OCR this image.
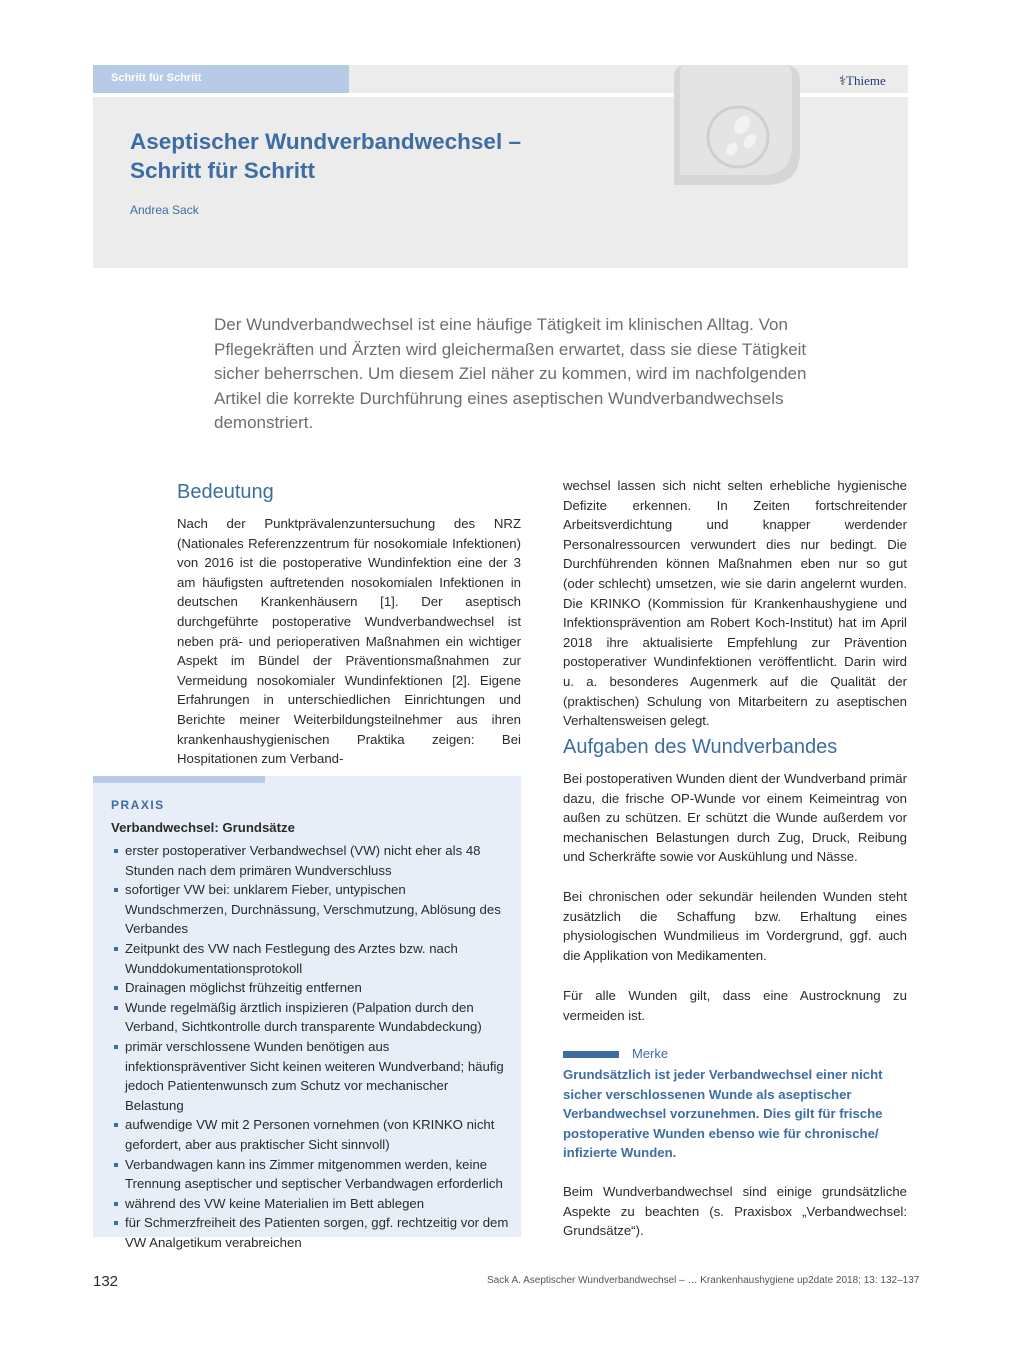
Schritt für Schritt	⚕Thieme
Aseptischer Wundverbandwechsel –
Schritt für Schritt
Andrea Sack

Der Wundverbandwechsel ist eine häufige Tätigkeit im klinischen Alltag. Von Pflegekräften und Ärzten wird gleichermaßen erwartet, dass sie diese Tätigkeit sicher beherrschen. Um diesem Ziel näher zu kommen, wird im nachfolgenden Artikel die korrekte Durchführung eines aseptischen Wundverbandwechsels demonstriert.

Bedeutung

Nach der Punktprävalenzuntersuchung des NRZ (Nationales Referenzzentrum für nosokomiale Infektionen) von 2016 ist die postoperative Wundinfektion eine der 3 am häufigsten auftretenden nosokomialen Infektionen in deutschen Krankenhäusern [1]. Der aseptisch durchgeführte postoperative Wundverbandwechsel ist neben prä- und perioperativen Maßnahmen ein wichtiger Aspekt im Bündel der Präventionsmaßnahmen zur Vermeidung nosokomialer Wundinfektionen [2]. Eigene Erfahrungen in unterschiedlichen Einrichtungen und Berichte meiner Weiterbildungsteilnehmer aus ihren krankenhaushygienischen Praktika zeigen: Bei Hospitationen zum Verband-

PRAXIS
Verbandwechsel: Grundsätze
erster postoperativer Verbandwechsel (VW) nicht eher als 48 Stunden nach dem primären Wundverschluss
sofortiger VW bei: unklarem Fieber, untypischen Wundschmerzen, Durchnässung, Verschmutzung, Ablösung des Verbandes
Zeitpunkt des VW nach Festlegung des Arztes bzw. nach Wunddokumentationsprotokoll
Drainagen möglichst frühzeitig entfernen
Wunde regelmäßig ärztlich inspizieren (Palpation durch den Verband, Sichtkontrolle durch transparente Wundabdeckung)
primär verschlossene Wunden benötigen aus infektionspräventiver Sicht keinen weiteren Wundverband; häufig jedoch Patientenwunsch zum Schutz vor mechanischer Belastung
aufwendige VW mit 2 Personen vornehmen (von KRINKO nicht gefordert, aber aus praktischer Sicht sinnvoll)
Verbandwagen kann ins Zimmer mitgenommen werden, keine Trennung aseptischer und septischer Verbandwagen erforderlich
während des VW keine Materialien im Bett ablegen
für Schmerzfreiheit des Patienten sorgen, ggf. rechtzeitig vor dem VW Analgetikum verabreichen

wechsel lassen sich nicht selten erhebliche hygienische Defizite erkennen. In Zeiten fortschreitender Arbeitsverdichtung und knapper werdender Personalressourcen verwundert dies nur bedingt. Die Durchführenden können Maßnahmen eben nur so gut (oder schlecht) umsetzen, wie sie darin angelernt wurden. Die KRINKO (Kommission für Krankenhaushygiene und Infektionsprävention am Robert Koch-Institut) hat im April 2018 ihre aktualisierte Empfehlung zur Prävention postoperativer Wundinfektionen veröffentlicht. Darin wird u. a. besonderes Augenmerk auf die Qualität der (praktischen) Schulung von Mitarbeitern zu aseptischen Verhaltensweisen gelegt.

Aufgaben des Wundverbandes

Bei postoperativen Wunden dient der Wundverband primär dazu, die frische OP-Wunde vor einem Keimeintrag von außen zu schützen. Er schützt die Wunde außerdem vor mechanischen Belastungen durch Zug, Druck, Reibung und Scherkräfte sowie vor Auskühlung und Nässe.

Bei chronischen oder sekundär heilenden Wunden steht zusätzlich die Schaffung bzw. Erhaltung eines physiologischen Wundmilieus im Vordergrund, ggf. auch die Applikation von Medikamenten.

Für alle Wunden gilt, dass eine Austrocknung zu vermeiden ist.

Merke

Grundsätzlich ist jeder Verbandwechsel einer nicht sicher verschlossenen Wunde als aseptischer Verbandwechsel vorzunehmen. Dies gilt für frische postoperative Wunden ebenso wie für chronische/ infizierte Wunden.

Beim Wundverbandwechsel sind einige grundsätzliche Aspekte zu beachten (s. Praxisbox „Verbandwechsel: Grundsätze“).

132	Sack A. Aseptischer Wundverbandwechsel – … Krankenhaushygiene up2date 2018; 13: 132–137
